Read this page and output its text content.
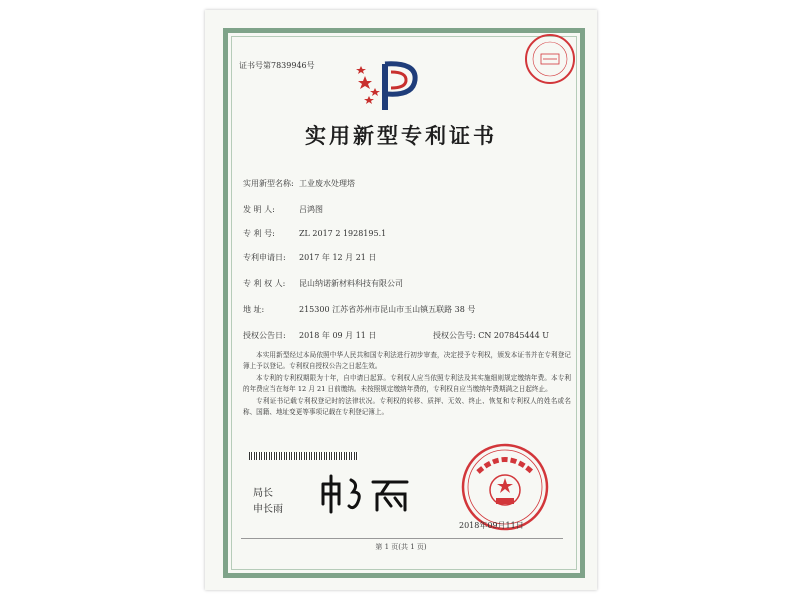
证书号第7839946号
实用新型专利证书
实用新型名称: 工业废水处理塔
发 明 人:	吕鸿图
专 利 号:	ZL 2017 2 1928195.1
专利申请日: 2017 年 12 月 21 日
专 利 权 人: 昆山纳诺新材料科技有限公司
地 址:	215300 江苏省苏州市昆山市玉山镇五联路 38 号
授权公告日: 2018 年 09 月 11 日	授权公告号: CN 207845444 U

本实用新型经过本局依照中华人民共和国专利法进行初步审查，决定授予专利权，颁发本证书并在专利登记簿上予以登记。专利权自授权公告之日起生效。

本专利的专利权期限为十年，自申请日起算。专利权人应当依照专利法及其实施细则规定缴纳年费。本专利的年费应当在每年 12 月 21 日前缴纳。未按照规定缴纳年费的，专利权自应当缴纳年费期满之日起终止。

专利证书记载专利权登记时的法律状况。专利权的转移、质押、无效、终止、恢复和专利权人的姓名或名称、国籍、地址变更等事项记载在专利登记簿上。

局长
申长雨
2018年09月11日
第 1 页(共 1 页)
